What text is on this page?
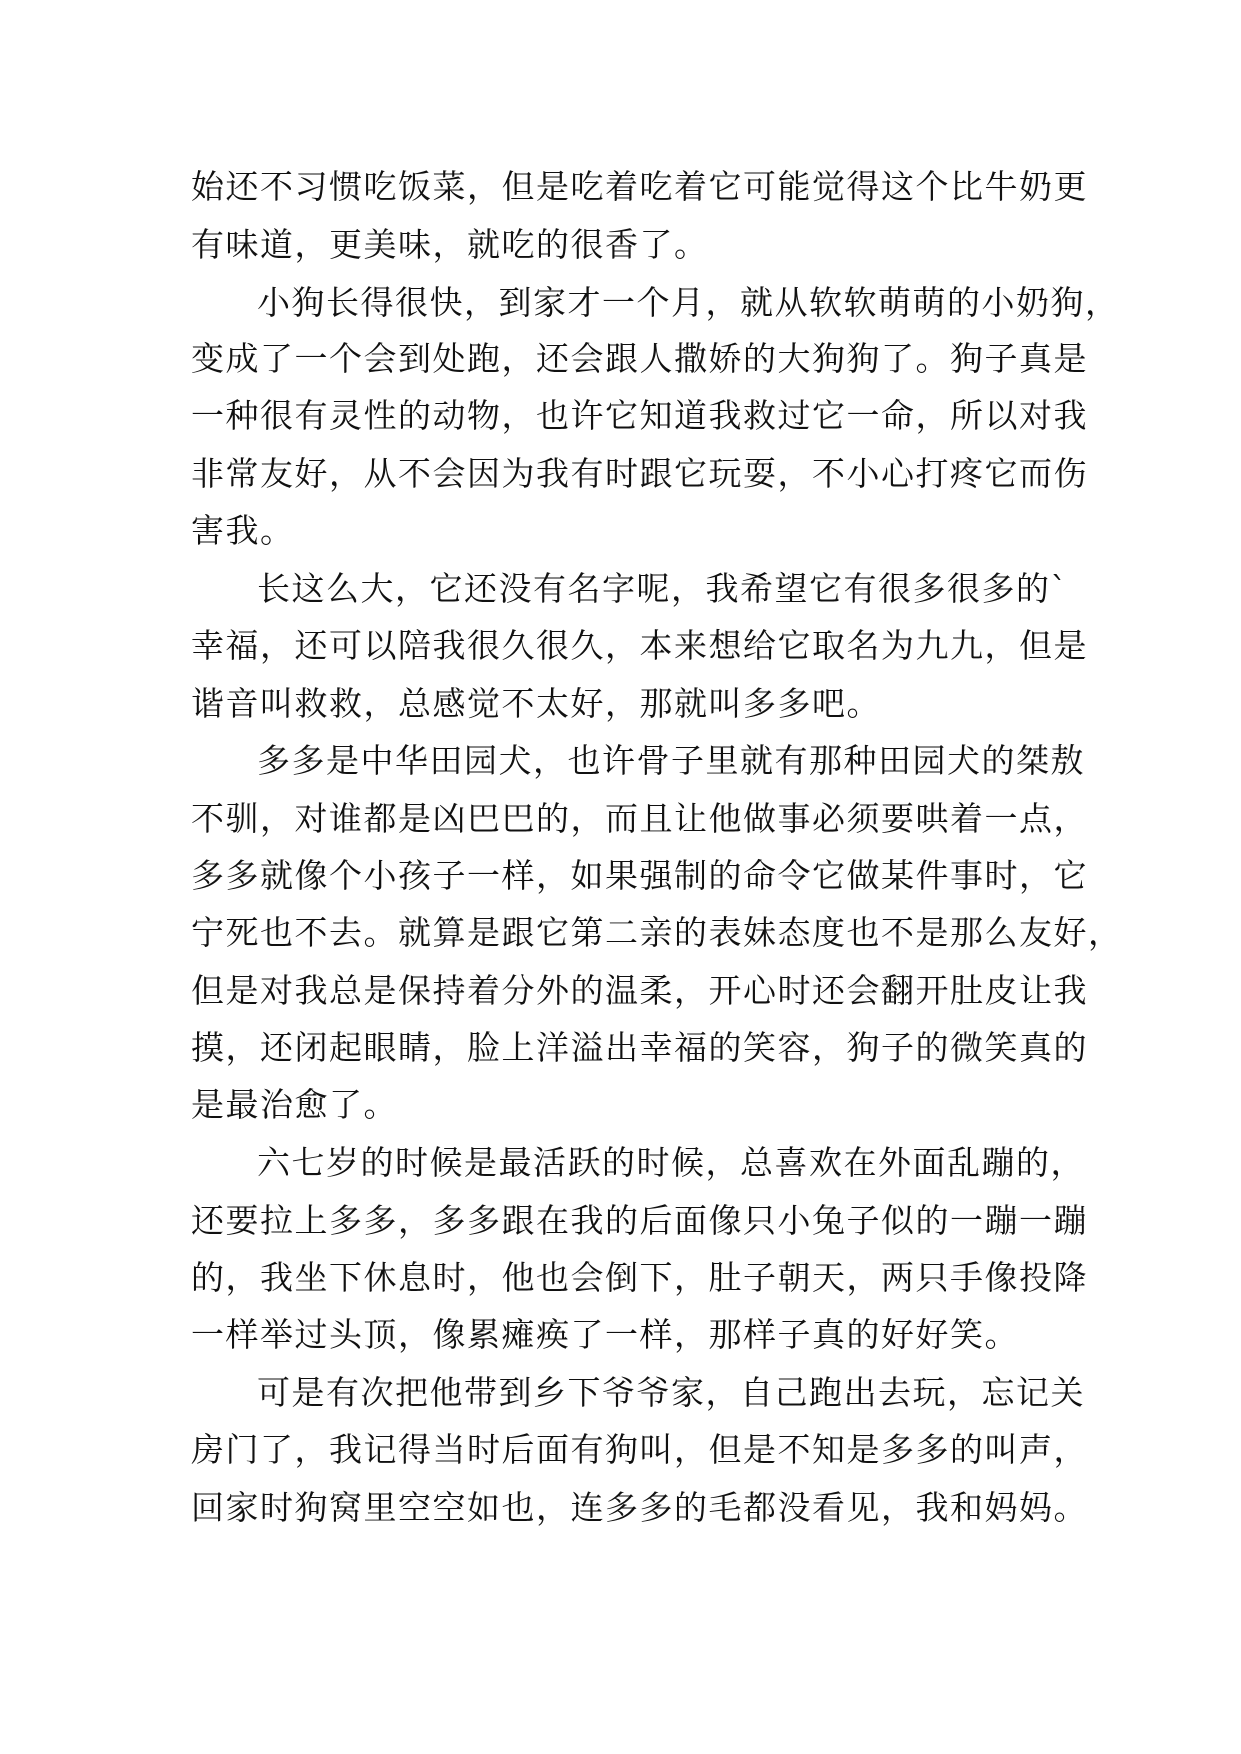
始还不习惯吃饭菜，但是吃着吃着它可能觉得这个比牛奶更

有味道，更美味，就吃的很香了。

小狗长得很快，到家才一个月，就从软软萌萌的小奶狗，

变成了一个会到处跑，还会跟人撒娇的大狗狗了。狗子真是

一种很有灵性的动物，也许它知道我救过它一命，所以对我

非常友好，从不会因为我有时跟它玩耍，不小心打疼它而伤

害我。

长这么大，它还没有名字呢，我希望它有很多很多的`

幸福，还可以陪我很久很久，本来想给它取名为九九，但是

谐音叫救救，总感觉不太好，那就叫多多吧。

多多是中华田园犬，也许骨子里就有那种田园犬的桀敖

不驯，对谁都是凶巴巴的，而且让他做事必须要哄着一点，

多多就像个小孩子一样，如果强制的命令它做某件事时，它

宁死也不去。就算是跟它第二亲的表妹态度也不是那么友好，

但是对我总是保持着分外的温柔，开心时还会翻开肚皮让我

摸，还闭起眼睛，脸上洋溢出幸福的笑容，狗子的微笑真的

是最治愈了。

六七岁的时候是最活跃的时候，总喜欢在外面乱蹦的，

还要拉上多多，多多跟在我的后面像只小兔子似的一蹦一蹦

的，我坐下休息时，他也会倒下，肚子朝天，两只手像投降

一样举过头顶，像累瘫痪了一样，那样子真的好好笑。

可是有次把他带到乡下爷爷家，自己跑出去玩，忘记关

房门了，我记得当时后面有狗叫，但是不知是多多的叫声，

回家时狗窝里空空如也，连多多的毛都没看见，我和妈妈。
